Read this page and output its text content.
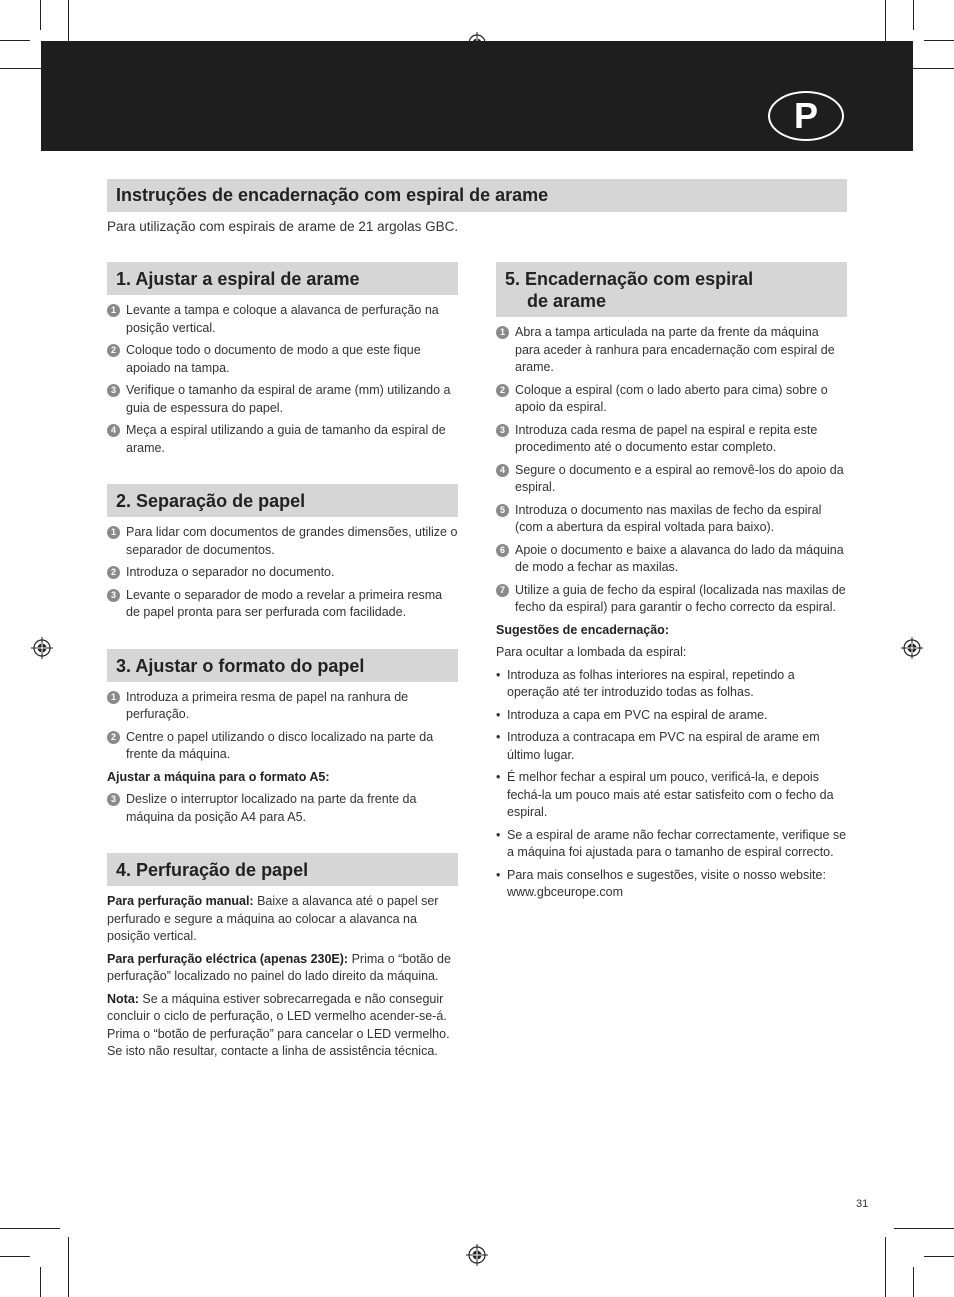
P
Instruções de encadernação com espiral de arame
Para utilização com espirais de arame de 21 argolas GBC.
1. Ajustar a espiral de arame
1 Levante a tampa e coloque a alavanca de perfuração na posição vertical.
2 Coloque todo o documento de modo a que este fique apoiado na tampa.
3 Verifique o tamanho da espiral de arame (mm) utilizando a guia de espessura do papel.
4 Meça a espiral utilizando a guia de tamanho da espiral de arame.
2. Separação de papel
1 Para lidar com documentos de grandes dimensões, utilize o separador de documentos.
2 Introduza o separador no documento.
3 Levante o separador de modo a revelar a primeira resma de papel pronta para ser perfurada com facilidade.
3. Ajustar o formato do papel
1 Introduza a primeira resma de papel na ranhura de perfuração.
2 Centre o papel utilizando o disco localizado na parte da frente da máquina.
Ajustar a máquina para o formato A5:
3 Deslize o interruptor localizado na parte da frente da máquina da posição A4 para A5.
4. Perfuração de papel
Para perfuração manual: Baixe a alavanca até o papel ser perfurado e segure a máquina ao colocar a alavanca na posição vertical.
Para perfuração eléctrica (apenas 230E): Prima o “botão de perfuração” localizado no painel do lado direito da máquina.
Nota: Se a máquina estiver sobrecarregada e não conseguir concluir o ciclo de perfuração, o LED vermelho acender-se-á. Prima o “botão de perfuração” para cancelar o LED vermelho. Se isto não resultar, contacte a linha de assistência técnica.
5. Encadernação com espiral
de arame
1 Abra a tampa articulada na parte da frente da máquina para aceder à ranhura para encadernação com espiral de arame.
2 Coloque a espiral (com o lado aberto para cima) sobre o apoio da espiral.
3 Introduza cada resma de papel na espiral e repita este procedimento até o documento estar completo.
4 Segure o documento e a espiral ao removê-los do apoio da espiral.
5 Introduza o documento nas maxilas de fecho da espiral (com a abertura da espiral voltada para baixo).
6 Apoie o documento e baixe a alavanca do lado da máquina de modo a fechar as maxilas.
7 Utilize a guia de fecho da espiral (localizada nas maxilas de fecho da espiral) para garantir o fecho correcto da espiral.
Sugestões de encadernação:
Para ocultar a lombada da espiral:
• Introduza as folhas interiores na espiral, repetindo a operação até ter introduzido todas as folhas.
• Introduza a capa em PVC na espiral de arame.
• Introduza a contracapa em PVC na espiral de arame em último lugar.
• É melhor fechar a espiral um pouco, verificá-la, e depois fechá-la um pouco mais até estar satisfeito com o fecho da espiral.
• Se a espiral de arame não fechar correctamente, verifique se a máquina foi ajustada para o tamanho de espiral correcto.
• Para mais conselhos e sugestões, visite o nosso website: www.gbceurope.com
31
